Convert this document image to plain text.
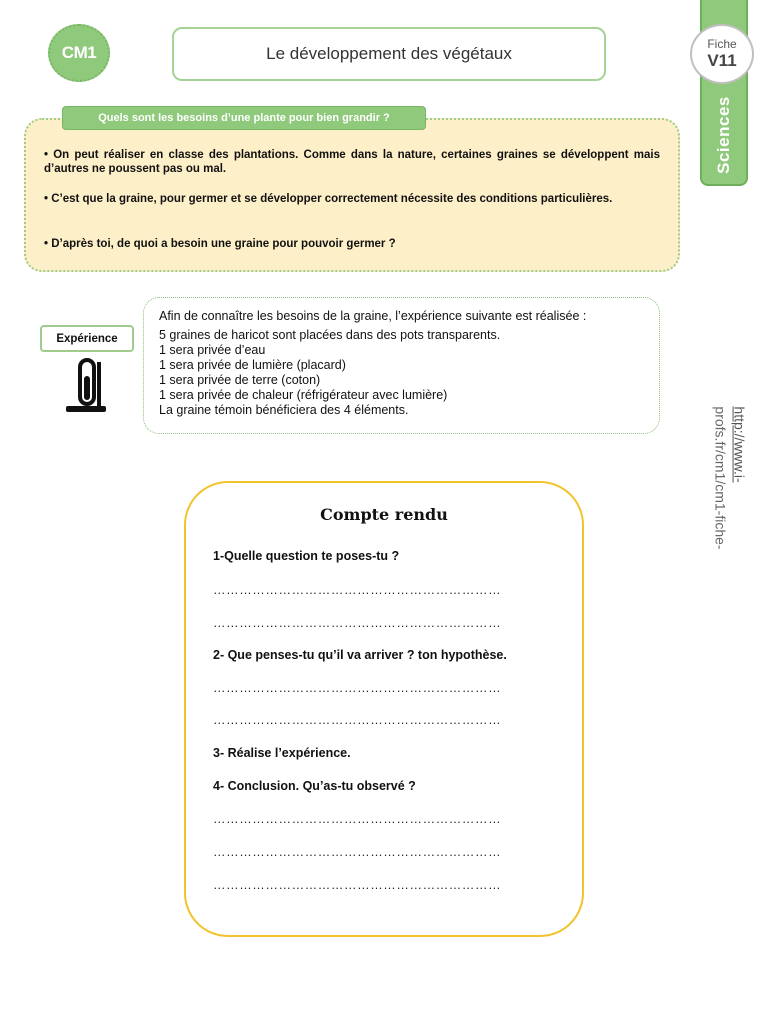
CM1	Le développement des végétaux
Sciences
Fiche
V11
http://www.i-
profs.fr/cm1/cm1-fiche-
Quels sont les besoins d’une plante pour bien grandir ?
• On peut réaliser en classe des plantations. Comme dans la nature, certaines graines se développent mais d’autres ne poussent pas ou mal.
• C’est que la graine, pour germer et se développer correctement nécessite des conditions particulières.
• D’après toi, de quoi a besoin une graine pour pouvoir germer ?
Expérience
Afin de connaître les besoins de la graine, l’expérience suivante est réalisée :
5 graines de haricot sont placées dans des pots transparents.
1 sera privée d’eau
1 sera privée de lumière (placard)
1 sera privée de terre (coton)
1 sera privée de chaleur (réfrigérateur avec lumière)
La graine témoin bénéficiera des 4 éléments.
Compte rendu
1-Quelle question te poses-tu ?
…………………………………………………………
…………………………………………………………
2- Que penses-tu qu’il va arriver ? ton hypothèse.
…………………………………………………………
…………………………………………………………
3- Réalise l’expérience.
4- Conclusion. Qu’as-tu observé ?
…………………………………………………………
…………………………………………………………
…………………………………………………………
